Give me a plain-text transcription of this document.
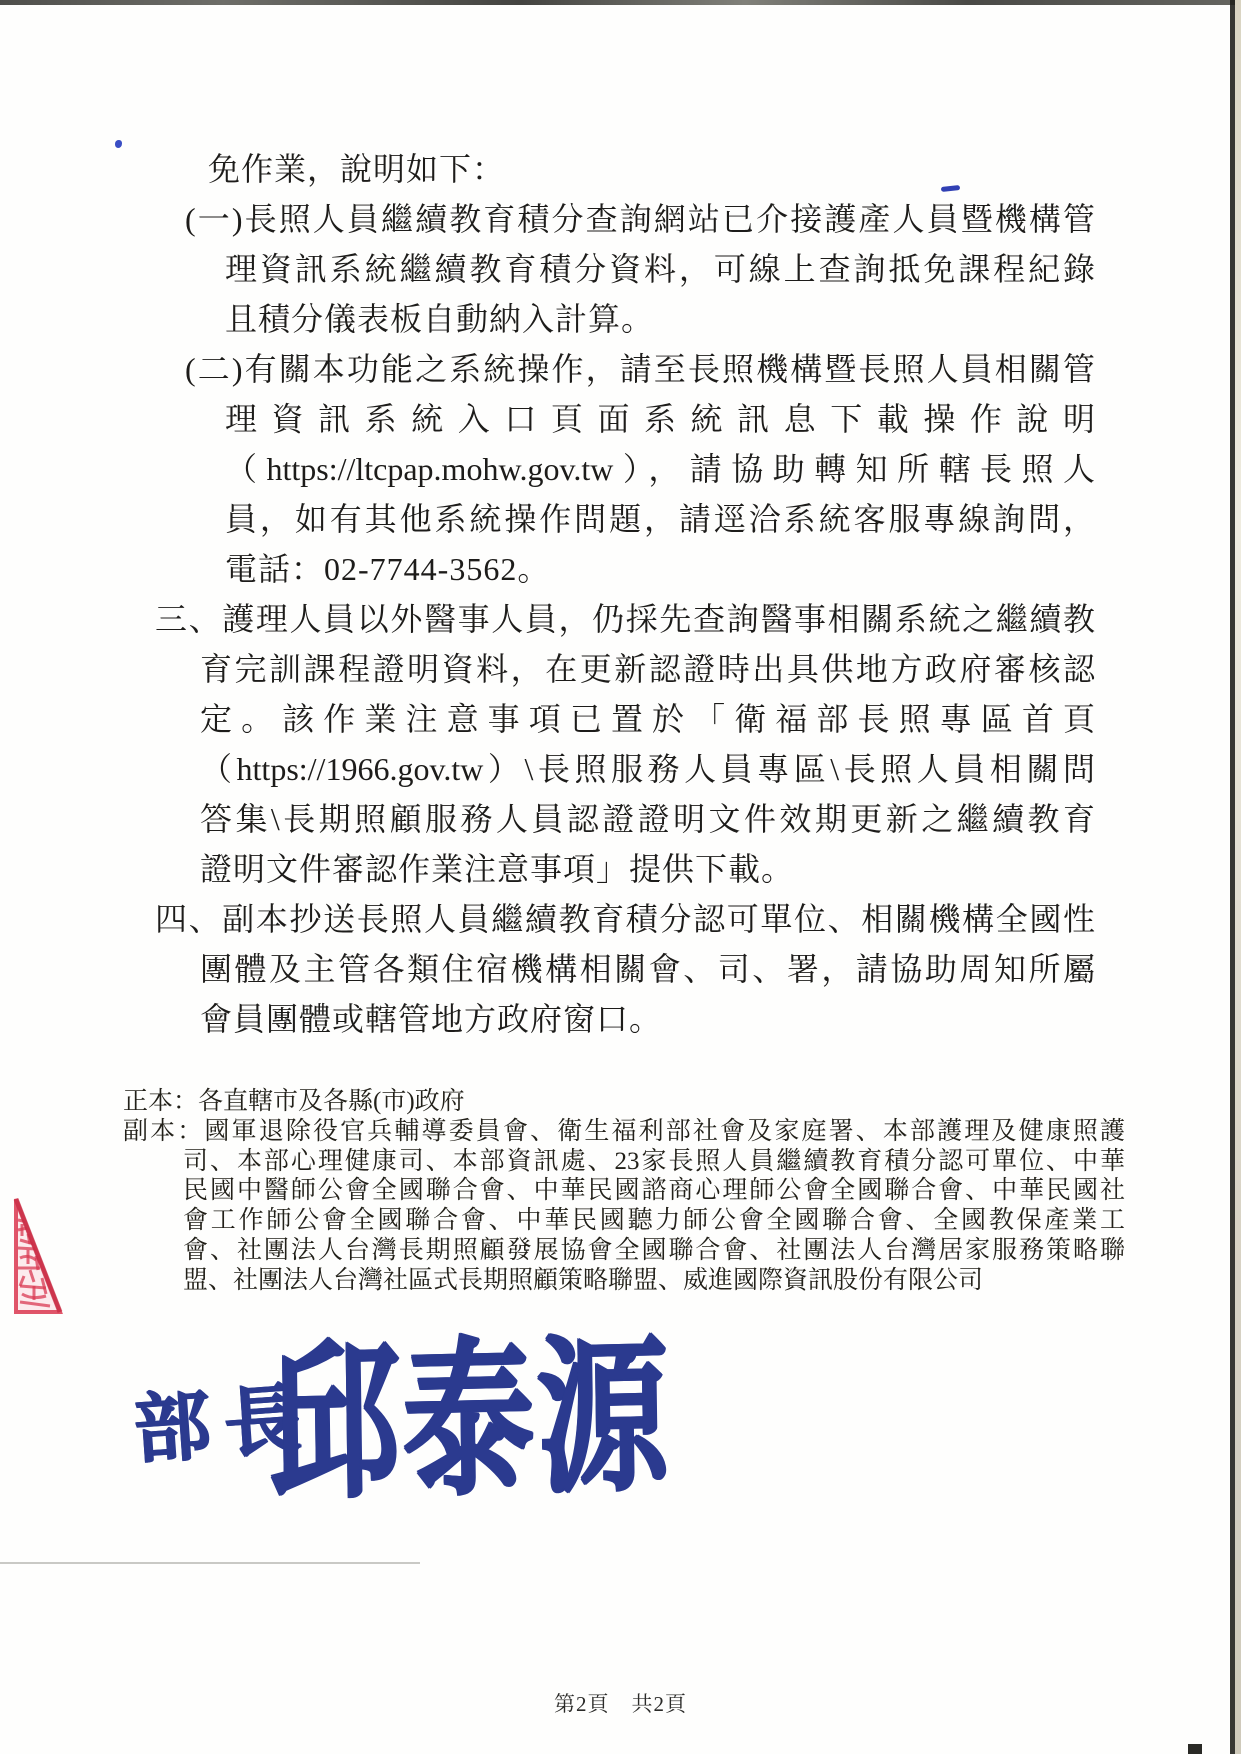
免作業，說明如下：
(一)長照人員繼續教育積分查詢網站已介接護產人員暨機構管
理資訊系統繼續教育積分資料，可線上查詢抵免課程紀錄
且積分儀表板自動納入計算。
(二)有關本功能之系統操作，請至長照機構暨長照人員相關管
理資訊系統入口頁面系統訊息下載操作說明
（https://ltcpap.mohw.gov.tw），請協助轉知所轄長照人
員，如有其他系統操作問題，請逕洽系統客服專線詢問，
電話：02-7744-3562。
三、護理人員以外醫事人員，仍採先查詢醫事相關系統之繼續教
育完訓課程證明資料，在更新認證時出具供地方政府審核認
定。該作業注意事項已置於「衛福部長照專區首頁
（https://1966.gov.tw）\長照服務人員專區\長照人員相關問
答集\長期照顧服務人員認證證明文件效期更新之繼續教育
證明文件審認作業注意事項」提供下載。
四、副本抄送長照人員繼續教育積分認可單位、相關機構全國性
團體及主管各類住宿機構相關會、司、署，請協助周知所屬
會員團體或轄管地方政府窗口。
正本：各直轄市及各縣(市)政府
副本：國軍退除役官兵輔導委員會、衛生福利部社會及家庭署、本部護理及健康照護
司、本部心理健康司、本部資訊處、23家長照人員繼續教育積分認可單位、中華
民國中醫師公會全國聯合會、中華民國諮商心理師公會全國聯合會、中華民國社
會工作師公會全國聯合會、中華民國聽力師公會全國聯合會、全國教保產業工
會、社團法人台灣長期照顧發展協會全國聯合會、社團法人台灣居家服務策略聯
盟、社團法人台灣社區式長期照顧策略聯盟、威進國際資訊股份有限公司
部長
邱泰源
第2頁　共2頁
